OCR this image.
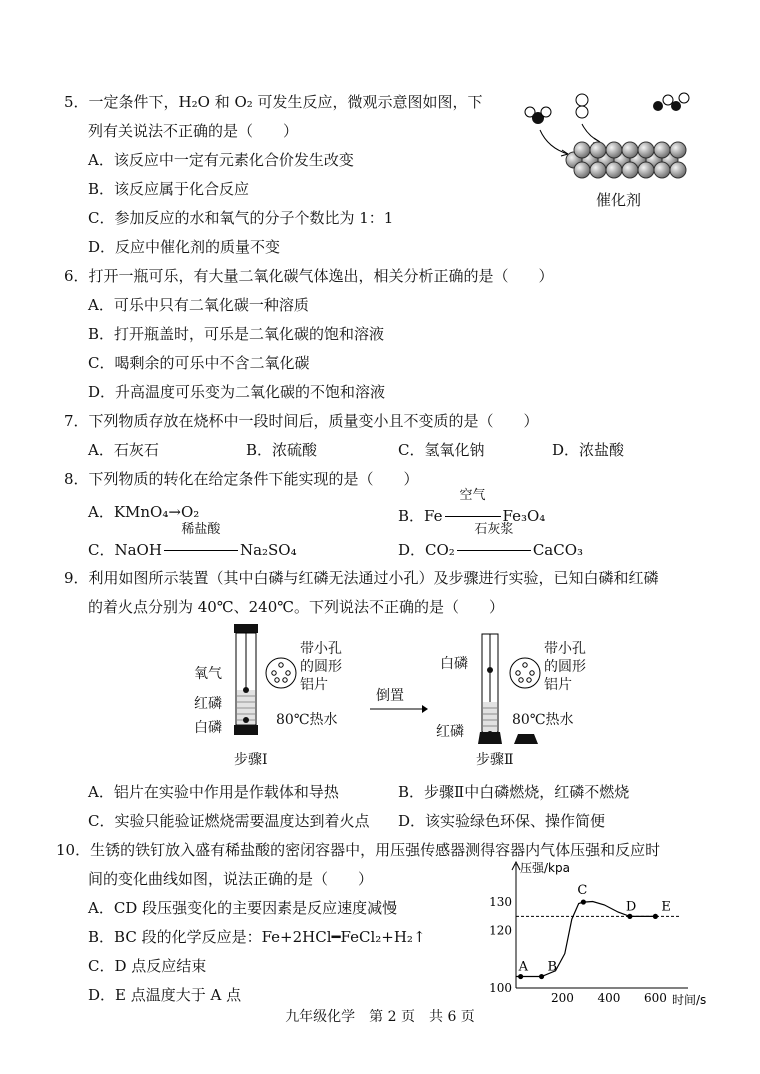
5．一定条件下，H₂O 和 O₂ 可发生反应，微观示意图如图，下
列有关说法不正确的是（　　）
A．该反应中一定有元素化合价发生改变
B．该反应属于化合反应
C．参加反应的水和氧气的分子个数比为 1：1
D．反应中催化剂的质量不变
催化剂
6．打开一瓶可乐，有大量二氧化碳气体逸出，相关分析正确的是（　　）
A．可乐中只有二氧化碳一种溶质
B．打开瓶盖时，可乐是二氧化碳的饱和溶液
C．喝剩余的可乐中不含二氧化碳
D．升高温度可乐变为二氧化碳的不饱和溶液
7．下列物质存放在烧杯中一段时间后，质量变小且不变质的是（　　）
A．石灰石	B．浓硫酸	C．氢氧化钠	D．浓盐酸
8．下列物质的转化在给定条件下能实现的是（　　）
A．KMnO₄→O₂	B．Fe
空气
Fe₃O₄
C．NaOH
稀盐酸
Na₂SO₄	D．CO₂
石灰浆
CaCO₃
9．利用如图所示装置（其中白磷与红磷无法通过小孔）及步骤进行实验，已知白磷和红磷
的着火点分别为 40℃、240℃。下列说法不正确的是（　　）
氧气
红磷
白磷
带小孔
的圆形
铝片
80℃热水
步骤Ⅰ
倒置
白磷
红磷
带小孔
的圆形
铝片
80℃热水
步骤Ⅱ
A．铝片在实验中作用是作载体和导热	B．步骤Ⅱ中白磷燃烧，红磷不燃烧
C．实验只能验证燃烧需要温度达到着火点 D．该实验绿色环保、操作简便
10．生锈的铁钉放入盛有稀盐酸的密闭容器中，用压强传感器测得容器内气体压强和反应时
间的变化曲线如图，说法正确的是（　　）
A．CD 段压强变化的主要因素是反应速度减慢
B．BC 段的化学反应是：Fe+2HCl━FeCl₂+H₂↑
C．D 点反应结束
D．E 点温度大于 A 点
压强/kpa
时间/s
100
120
130
200 400 600
A B
C
D E
九年级化学　第 2 页　共 6 页
